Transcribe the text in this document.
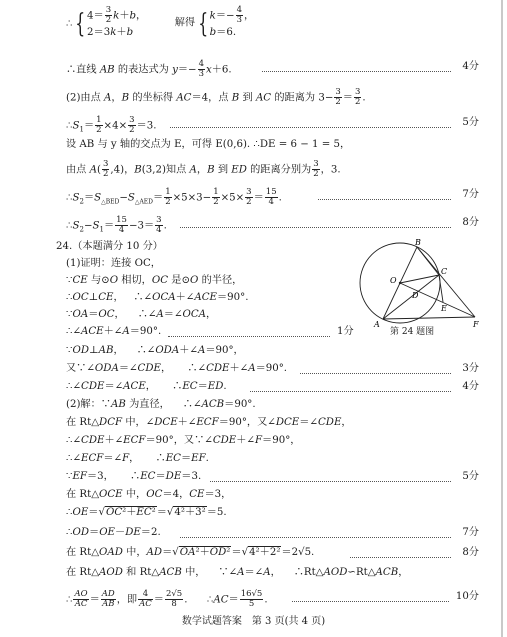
∴ {$4= \frac{3}{2} k+b$，
2＝3k＋b  解得 {$k=- \frac{4}{3}$ ，
b＝6.
∴直线 AB 的表达式为 $y=- \frac{4}{3} x+6$.	4分
(2)由点 A，B 的坐标得 AC＝4，点 B 到 AC 的距离为 $3- \frac{3}{2} = \frac{3}{2}$ .
$\therefore S_1= \frac{1}{2} \times 4\times \frac{3}{2} =3$.	5分
设 AB 与 y 轴的交点为 E，可得 E(0,6). ∴DE = 6 − 1 = 5，
由点 $A( \frac{3}{2} ,4)$，B(3,2)知点 A，B 到 ED 的距离分别为 $\frac{3}{2}$ ，3.
$\therefore S_2=S_{\triangle BED}-S_{\triangle AED}= \frac{1}{2} \times 5\times 3- \frac{1}{2} \times 5\times \frac{3}{2} = \frac{15}{4}$ .	7分
$\therefore S_2-S_1= \frac{15}{4} -3= \frac{3}{4}$ .	8分
24.（本题满分 10 分）
(1)证明：连接 OC，
∵CE 与⊙O 相切，OC 是⊙O 的半径，
∴OC⊥CE，   ∴∠OCA＋∠ACE＝90°.
∵OA＝OC，    ∴∠A＝∠OCA，
∴∠ACE＋∠A＝90°.	1分
∵OD⊥AB，    ∴∠ODA＋∠A＝90°，
又∵∠ODA＝∠CDE，     ∴∠CDE＋∠A＝90°.	3分
∴∠CDE＝∠ACE，     ∴EC＝ED.	4分
(2)解：∵AB 为直径，    ∴∠ACB＝90°.
在 Rt△DCF 中，∠DCE＋∠ECF＝90°，又∠DCE＝∠CDE，
∴∠CDE＋∠ECF＝90°，又∵∠CDE＋∠F＝90°，
∴∠ECF＝∠F，     ∴EC＝EF.
∵EF＝3，     ∴EC＝DE＝3.	5分
在 Rt△OCE 中，OC＝4，CE＝3，
∴OE＝√OC²＋EC²＝√4²＋3²＝5.
∴OD＝OE－DE＝2.	7分
在 Rt△OAD 中，AD＝√OA²＋OD²＝√4²＋2²＝2√5.	8分
在 Rt△AOD 和 Rt△ACB 中，    ∵∠A＝∠A，    ∴Rt△AOD∽Rt△ACB，
∴ $\frac{AO}{AC} = \frac{AD}{AB}$ ，即 $\frac{4}{AC} = \frac{2√5}{8}$ .      ∴AC＝ $\frac{16√5}{5}$ .	10分
B
O
C
D
E
A	F
第 24 题图
数学试题答案　第 3 页(共 4 页)
